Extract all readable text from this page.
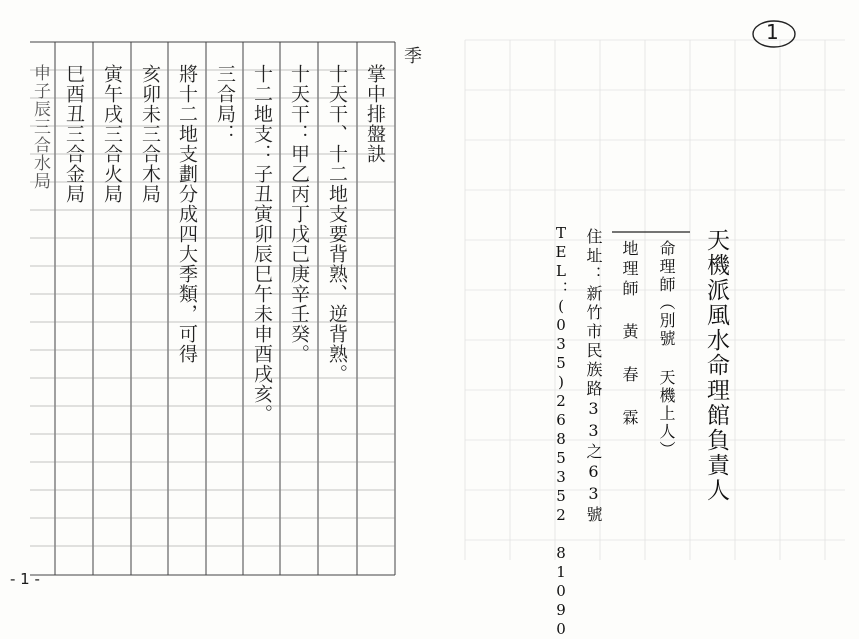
季
掌中排盤訣
十天干、十二地支要背熟、逆背熟。
十天干：甲乙丙丁戊己庚辛壬癸。
十二地支：子丑寅卯辰巳午未申酉戌亥。
三合局：
將十二地支劃分成四大季類，可得
亥卯未三合木局
寅午戌三合火局
巳酉丑三合金局
申子辰三合水局
天機派風水命理館負責人
命理師（別號 天機上人）
地理師 黃 春 霖
住址：新竹市民族路33之63號
TEL：(035)2685352 81090
- 1 -
1
